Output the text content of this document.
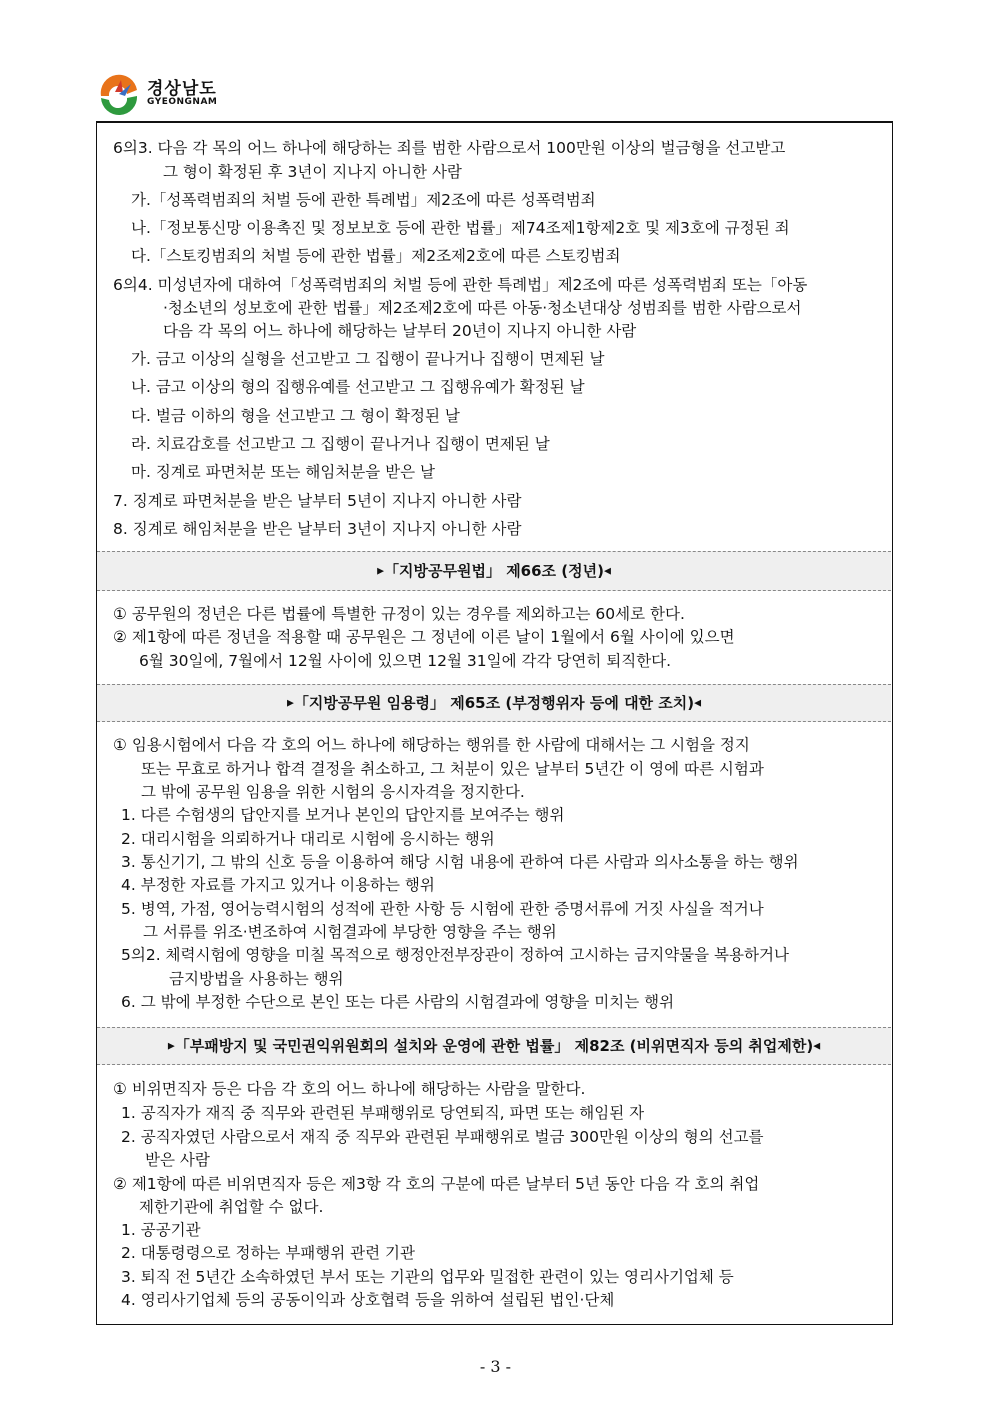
경상남도
GYEONGNAM
6의3. 다음 각 목의 어느 하나에 해당하는 죄를 범한 사람으로서 100만원 이상의 벌금형을 선고받고
그 형이 확정된 후 3년이 지나지 아니한 사람
가.「성폭력범죄의 처벌 등에 관한 특례법」제2조에 따른 성폭력범죄
나.「정보통신망 이용촉진 및 정보보호 등에 관한 법률」제74조제1항제2호 및 제3호에 규정된 죄
다.「스토킹범죄의 처벌 등에 관한 법률」제2조제2호에 따른 스토킹범죄
6의4. 미성년자에 대하여「성폭력범죄의 처벌 등에 관한 특례법」제2조에 따른 성폭력범죄 또는「아동
·청소년의 성보호에 관한 법률」제2조제2호에 따른 아동·청소년대상 성범죄를 범한 사람으로서
다음 각 목의 어느 하나에 해당하는 날부터 20년이 지나지 아니한 사람
가. 금고 이상의 실형을 선고받고 그 집행이 끝나거나 집행이 면제된 날
나. 금고 이상의 형의 집행유예를 선고받고 그 집행유예가 확정된 날
다. 벌금 이하의 형을 선고받고 그 형이 확정된 날
라. 치료감호를 선고받고 그 집행이 끝나거나 집행이 면제된 날
마. 징계로 파면처분 또는 해임처분을 받은 날
7. 징계로 파면처분을 받은 날부터 5년이 지나지 아니한 사람
8. 징계로 해임처분을 받은 날부터 3년이 지나지 아니한 사람
▶「지방공무원법」 제66조 (정년)◀
① 공무원의 정년은 다른 법률에 특별한 규정이 있는 경우를 제외하고는 60세로 한다.
② 제1항에 따른 정년을 적용할 때 공무원은 그 정년에 이른 날이 1월에서 6월 사이에 있으면
6월 30일에, 7월에서 12월 사이에 있으면 12월 31일에 각각 당연히 퇴직한다.
▶「지방공무원 임용령」 제65조 (부정행위자 등에 대한 조치)◀
① 임용시험에서 다음 각 호의 어느 하나에 해당하는 행위를 한 사람에 대해서는 그 시험을 정지
또는 무효로 하거나 합격 결정을 취소하고, 그 처분이 있은 날부터 5년간 이 영에 따른 시험과
그 밖에 공무원 임용을 위한 시험의 응시자격을 정지한다.
1. 다른 수험생의 답안지를 보거나 본인의 답안지를 보여주는 행위
2. 대리시험을 의뢰하거나 대리로 시험에 응시하는 행위
3. 통신기기, 그 밖의 신호 등을 이용하여 해당 시험 내용에 관하여 다른 사람과 의사소통을 하는 행위
4. 부정한 자료를 가지고 있거나 이용하는 행위
5. 병역, 가점, 영어능력시험의 성적에 관한 사항 등 시험에 관한 증명서류에 거짓 사실을 적거나
그 서류를 위조·변조하여 시험결과에 부당한 영향을 주는 행위
5의2. 체력시험에 영향을 미칠 목적으로 행정안전부장관이 정하여 고시하는 금지약물을 복용하거나
금지방법을 사용하는 행위
6. 그 밖에 부정한 수단으로 본인 또는 다른 사람의 시험결과에 영향을 미치는 행위
▶「부패방지 및 국민권익위원회의 설치와 운영에 관한 법률」 제82조 (비위면직자 등의 취업제한)◀
① 비위면직자 등은 다음 각 호의 어느 하나에 해당하는 사람을 말한다.
1. 공직자가 재직 중 직무와 관련된 부패행위로 당연퇴직, 파면 또는 해임된 자
2. 공직자였던 사람으로서 재직 중 직무와 관련된 부패행위로 벌금 300만원 이상의 형의 선고를
받은 사람
② 제1항에 따른 비위면직자 등은 제3항 각 호의 구분에 따른 날부터 5년 동안 다음 각 호의 취업
제한기관에 취업할 수 없다.
1. 공공기관
2. 대통령령으로 정하는 부패행위 관련 기관
3. 퇴직 전 5년간 소속하였던 부서 또는 기관의 업무와 밀접한 관련이 있는 영리사기업체 등
4. 영리사기업체 등의 공동이익과 상호협력 등을 위하여 설립된 법인·단체
- 3 -
